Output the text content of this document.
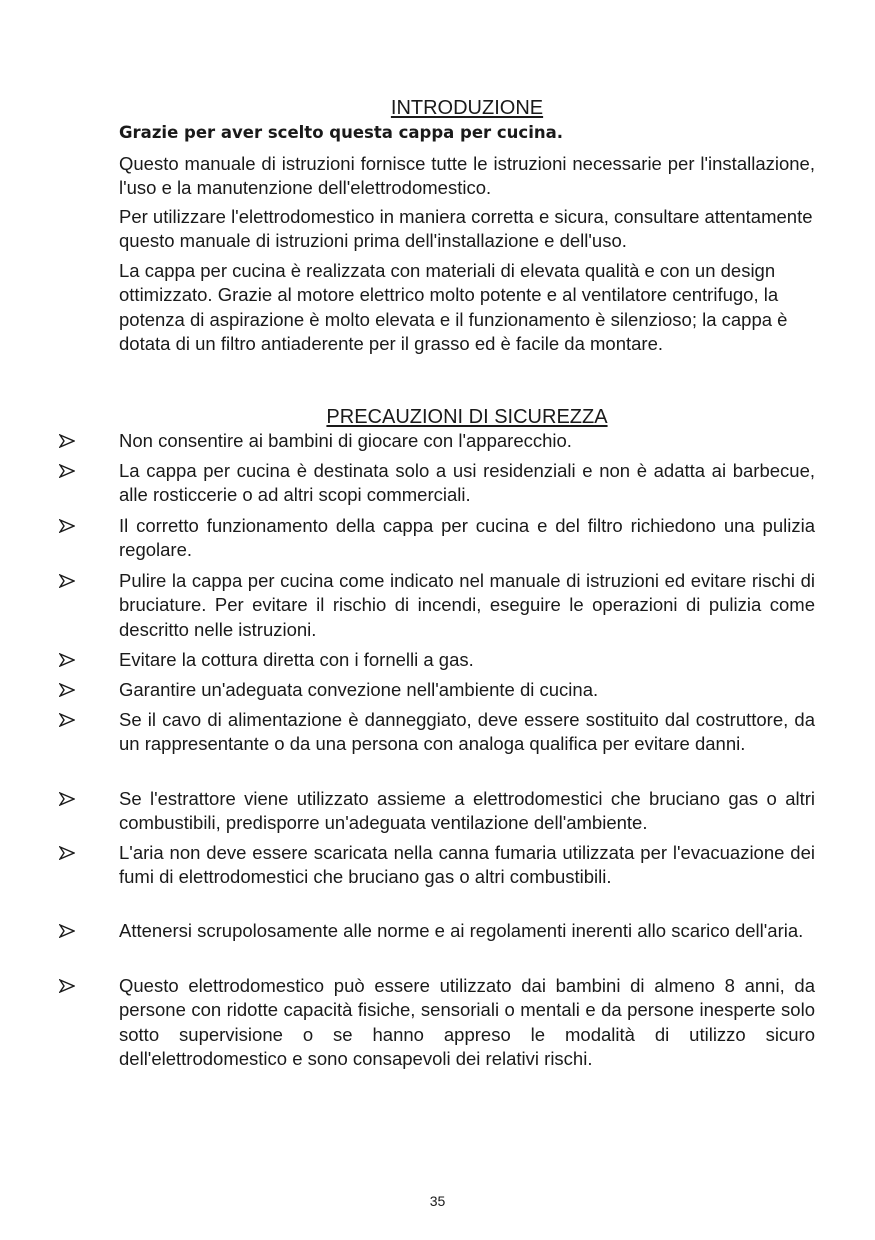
INTRODUZIONE

Grazie per aver scelto questa cappa per cucina.

Questo manuale di istruzioni fornisce tutte le istruzioni necessarie per l'installazione, l'uso e la manutenzione dell'elettrodomestico.

Per utilizzare l'elettrodomestico in maniera corretta e sicura, consultare attentamente questo manuale di istruzioni prima dell'installazione e dell'uso.

La cappa per cucina è realizzata con materiali di elevata qualità e con un design ottimizzato. Grazie al motore elettrico molto potente e al ventilatore centrifugo, la potenza di aspirazione è molto elevata e il funzionamento è silenzioso; la cappa è dotata di un filtro antiaderente per il grasso ed è facile da montare.

PRECAUZIONI DI SICUREZZA

Non consentire ai bambini di giocare con l'apparecchio.

La cappa per cucina è destinata solo a usi residenziali e non è adatta ai barbecue, alle rosticcerie o ad altri scopi commerciali.

Il corretto funzionamento della cappa per cucina e del filtro richiedono una pulizia regolare.

Pulire la cappa per cucina come indicato nel manuale di istruzioni ed evitare rischi di bruciature. Per evitare il rischio di incendi, eseguire le operazioni di pulizia come descritto nelle istruzioni.

Evitare la cottura diretta con i fornelli a gas.

Garantire un'adeguata convezione nell'ambiente di cucina.

Se il cavo di alimentazione è danneggiato, deve essere sostituito dal costruttore, da un rappresentante o da una persona con analoga qualifica per evitare danni.

Se l'estrattore viene utilizzato assieme a elettrodomestici che bruciano gas o altri combustibili, predisporre un'adeguata ventilazione dell'ambiente.

L'aria non deve essere scaricata nella canna fumaria utilizzata per l'evacuazione dei fumi di elettrodomestici che bruciano gas o altri combustibili.

Attenersi scrupolosamente alle norme e ai regolamenti inerenti allo scarico dell'aria.

Questo elettrodomestico può essere utilizzato dai bambini di almeno 8 anni, da persone con ridotte capacità fisiche, sensoriali o mentali e da persone inesperte solo sotto supervisione o se hanno appreso le modalità di utilizzo sicuro dell'elettrodomestico e sono consapevoli dei relativi rischi.

35
